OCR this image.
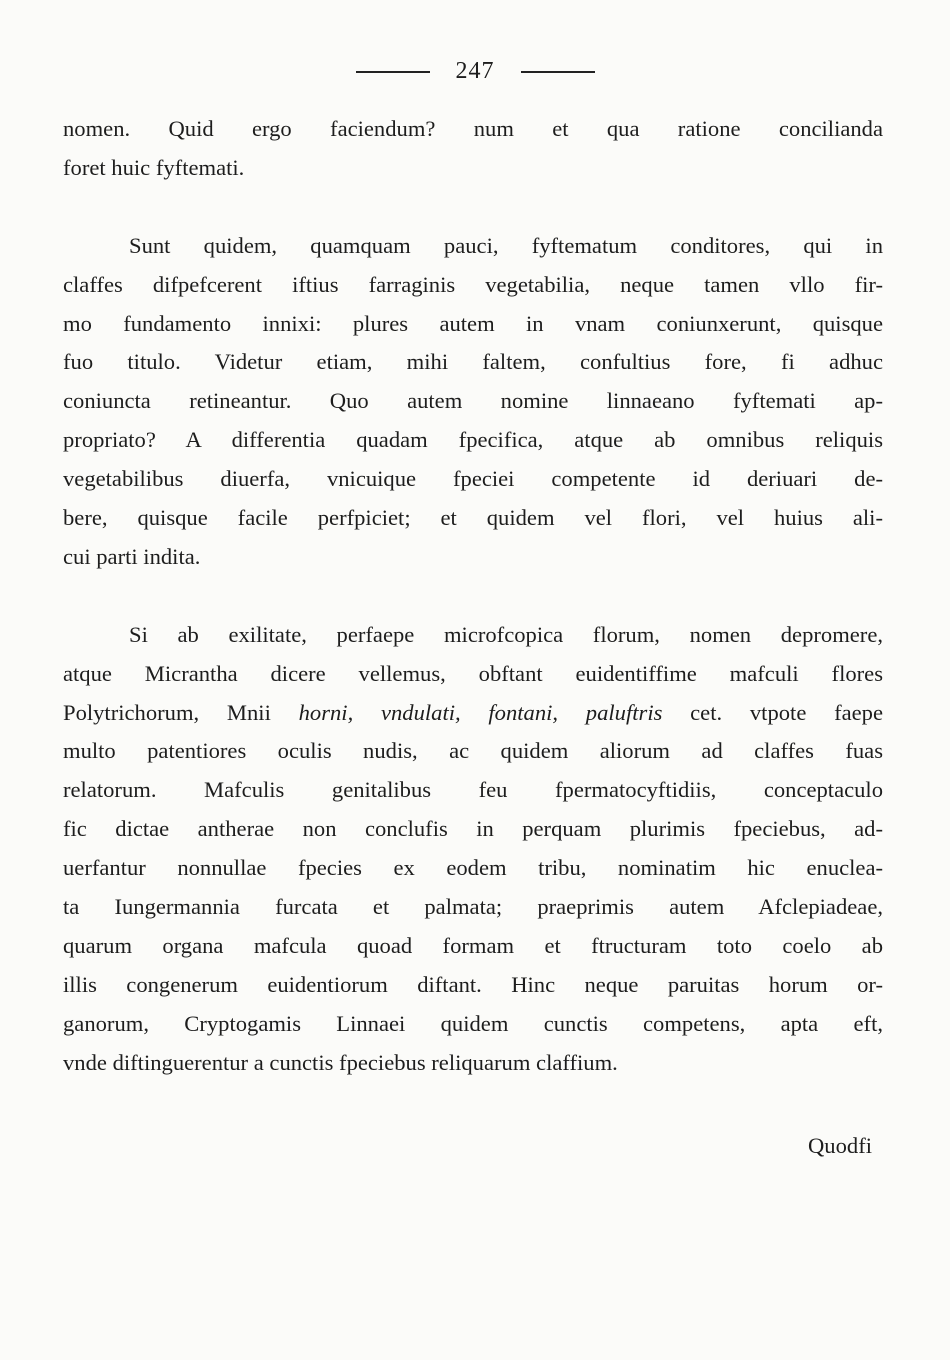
247
nomen. Quid ergo faciendum? num et qua ratione concilianda
foret huic fyftemati.
Sunt quidem, quamquam pauci, fyftematum conditores, qui in
claffes difpefcerent iftius farraginis vegetabilia, neque tamen vllo fir-
mo fundamento innixi: plures autem in vnam coniunxerunt, quisque
fuo titulo. Videtur etiam, mihi faltem, confultius fore, fi adhuc
coniuncta retineantur. Quo autem nomine linnaeano fyftemati ap-
propriato? A differentia quadam fpecifica, atque ab omnibus reliquis
vegetabilibus diuerfa, vnicuique fpeciei competente id deriuari de-
bere, quisque facile perfpiciet; et quidem vel flori, vel huius ali-
cui parti indita.
Si ab exilitate, perfaepe microfcopica florum, nomen depromere,
atque Micrantha dicere vellemus, obftant euidentiffime mafculi flores
Polytrichorum, Mnii horni, vndulati, fontani, paluftris cet. vtpote faepe
multo patentiores oculis nudis, ac quidem aliorum ad claffes fuas
relatorum. Mafculis genitalibus feu fpermatocyftidiis, conceptaculo
fic dictae antherae non conclufis in perquam plurimis fpeciebus, ad-
uerfantur nonnullae fpecies ex eodem tribu, nominatim hic enuclea-
ta Iungermannia furcata et palmata; praeprimis autem Afclepiadeae,
quarum organa mafcula quoad formam et ftructuram toto coelo ab
illis congenerum euidentiorum diftant. Hinc neque paruitas horum or-
ganorum, Cryptogamis Linnaei quidem cunctis competens, apta eft,
vnde diftinguerentur a cunctis fpeciebus reliquarum claffium.
Quodfi
